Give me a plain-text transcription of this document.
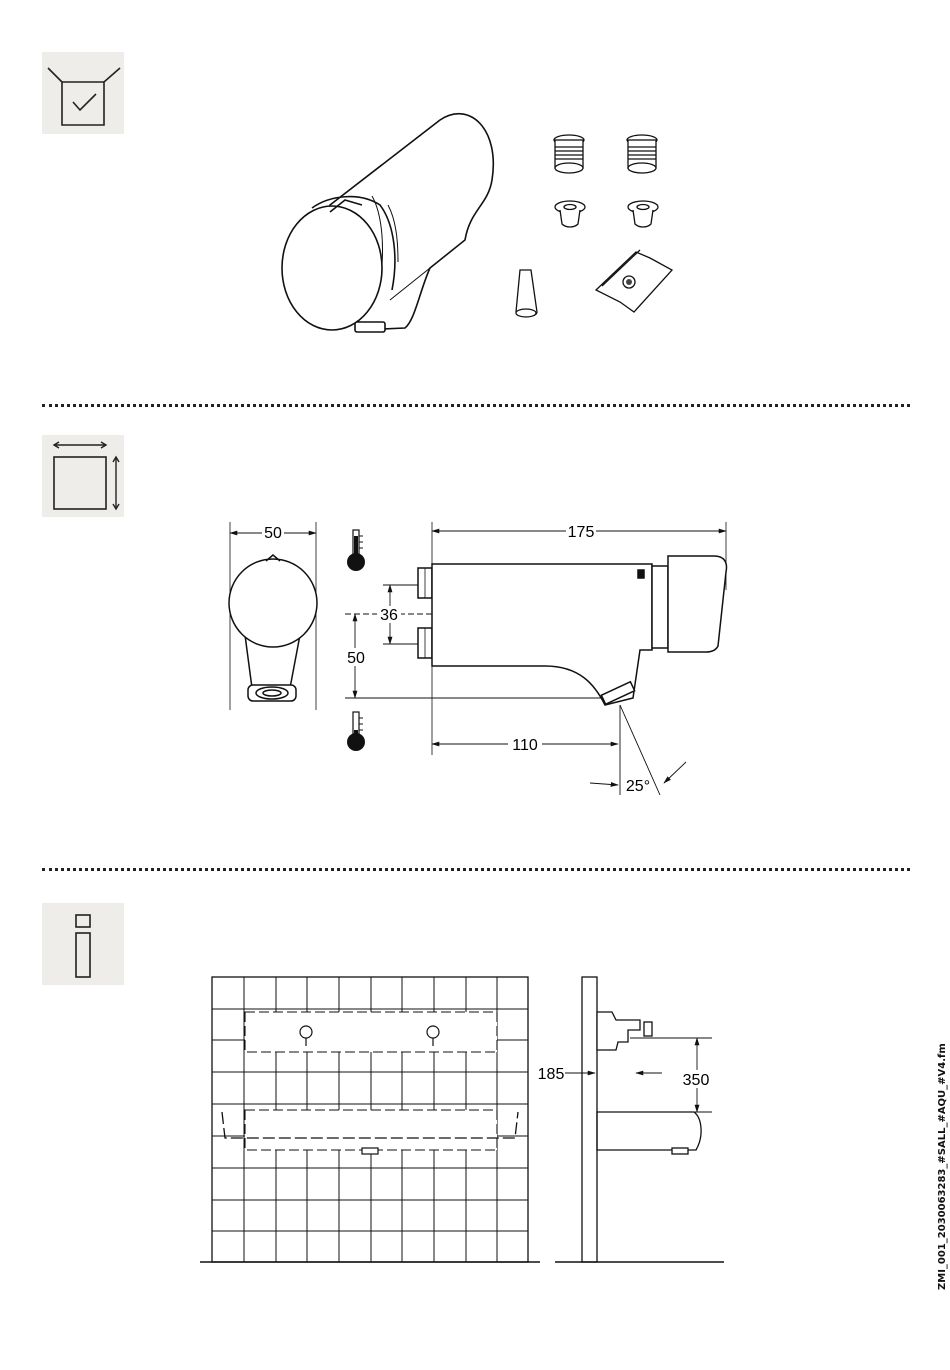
50
36
50
175
110
25°
185	350	ZMI_001_2030063283_#SALL_#AQU_#V4.fm
